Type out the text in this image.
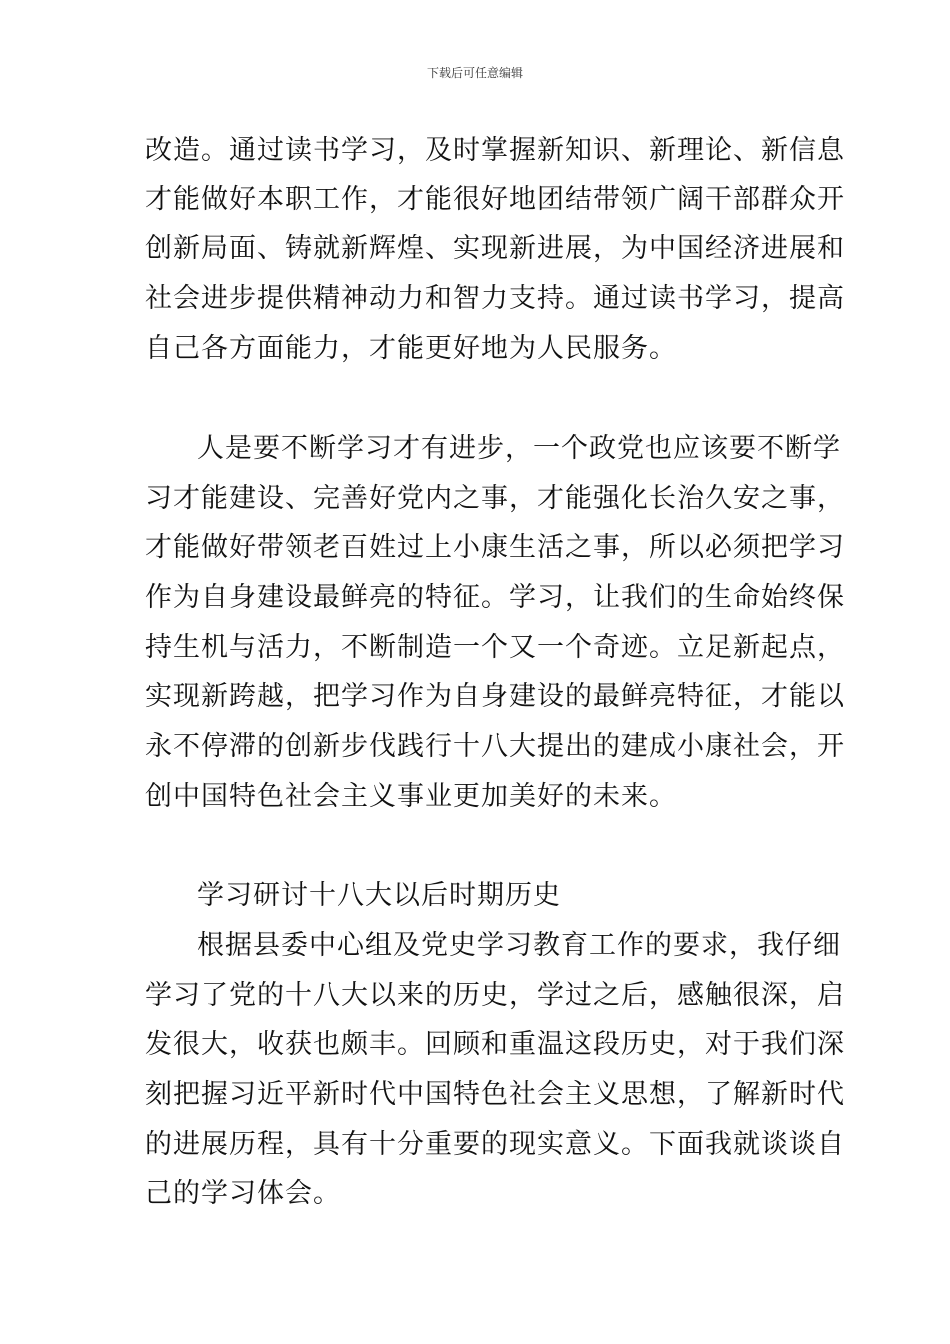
下载后可任意编辑
改造。通过读书学习，及时掌握新知识、新理论、新信息
才能做好本职工作，才能很好地团结带领广阔干部群众开
创新局面、铸就新辉煌、实现新进展，为中国经济进展和
社会进步提供精神动力和智力支持。通过读书学习，提高
自己各方面能力，才能更好地为人民服务。
人是要不断学习才有进步，一个政党也应该要不断学
习才能建设、完善好党内之事，才能强化长治久安之事，
才能做好带领老百姓过上小康生活之事，所以必须把学习
作为自身建设最鲜亮的特征。学习，让我们的生命始终保
持生机与活力，不断制造一个又一个奇迹。立足新起点，
实现新跨越，把学习作为自身建设的最鲜亮特征，才能以
永不停滞的创新步伐践行十八大提出的建成小康社会，开
创中国特色社会主义事业更加美好的未来。
学习研讨十八大以后时期历史
根据县委中心组及党史学习教育工作的要求，我仔细
学习了党的十八大以来的历史，学过之后，感触很深，启
发很大，收获也颇丰。回顾和重温这段历史，对于我们深
刻把握习近平新时代中国特色社会主义思想，了解新时代
的进展历程，具有十分重要的现实意义。下面我就谈谈自
己的学习体会。
